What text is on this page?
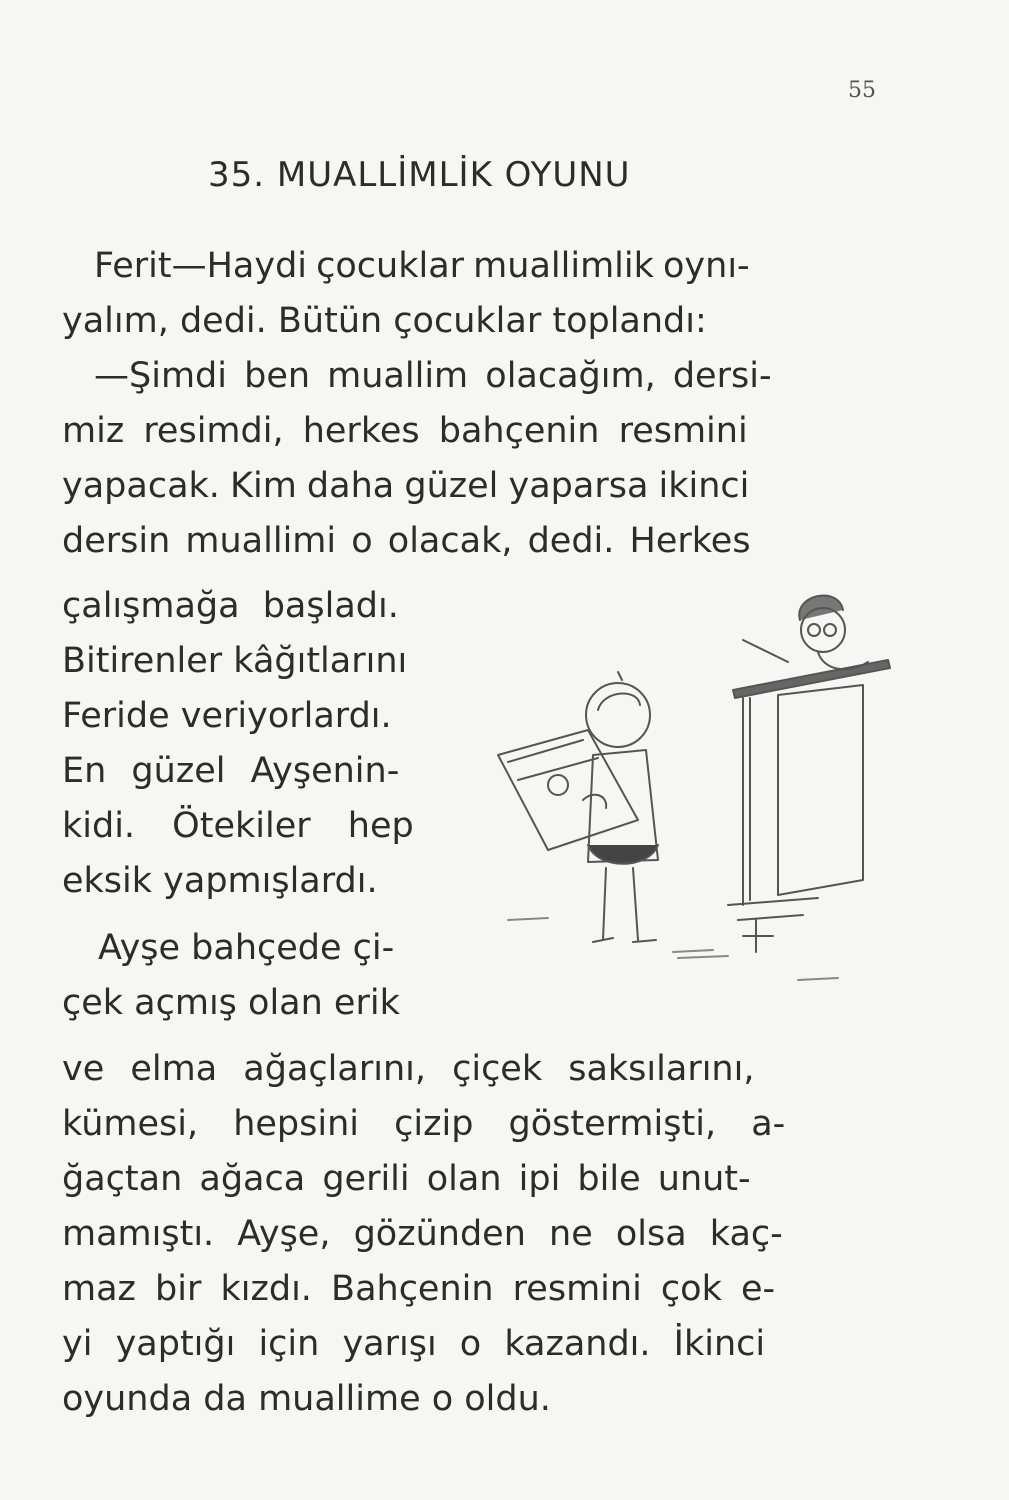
55
35. MUALLİMLİK OYUNU
Ferit—Haydi çocuklar muallimlik oynı-
yalım, dedi. Bütün çocuklar toplandı:
—Şimdi ben muallim olacağım, dersi-
miz resimdi, herkes bahçenin resmini
yapacak. Kim daha güzel yaparsa ikinci
dersin muallimi o olacak, dedi. Herkes
çalışmağa başladı.
Bitirenler kâğıtlarını
Feride veriyorlardı.
En güzel Ayşenin-
kidi. Ötekiler hep
eksik yapmışlardı.
Ayşe bahçede çi-
çek açmış olan erik
ve elma ağaçlarını, çiçek saksılarını,
kümesi, hepsini çizip göstermişti, a-
ğaçtan ağaca gerili olan ipi bile unut-
mamıştı. Ayşe, gözünden ne olsa kaç-
maz bir kızdı. Bahçenin resmini çok e-
yi yaptığı için yarışı o kazandı. İkinci
oyunda da muallime o oldu.
